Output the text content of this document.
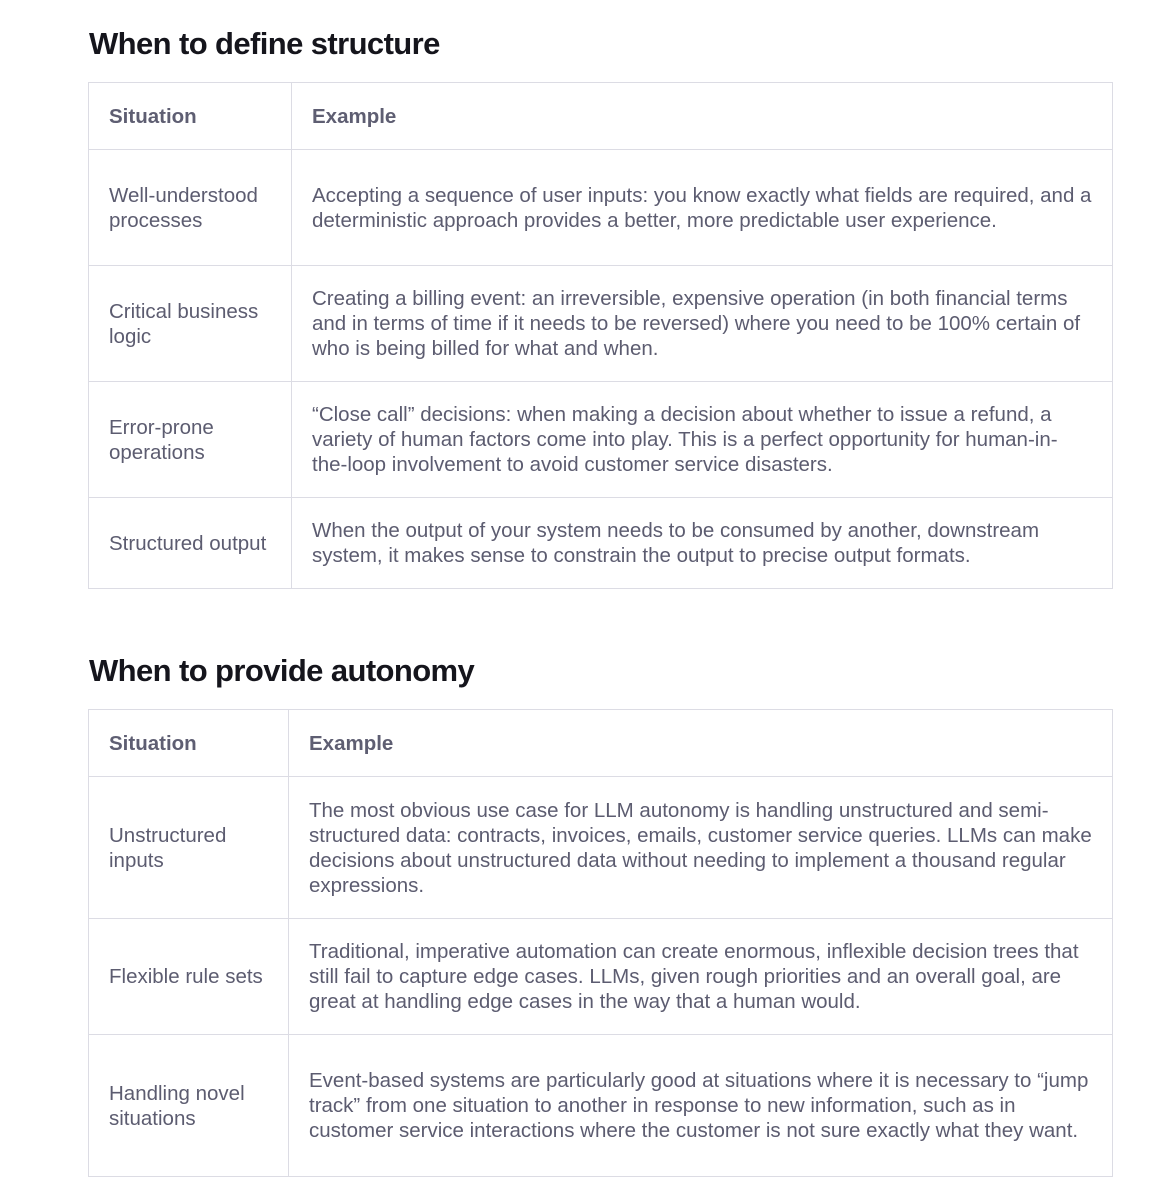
When to define structure
Situation	Example
Well-understood processes	Accepting a sequence of user inputs: you know exactly what fields are required, and a deterministic approach provides a better, more predictable user experience.
Critical business logic	Creating a billing event: an irreversible, expensive operation (in both financial terms and in terms of time if it needs to be reversed) where you need to be 100% certain of who is being billed for what and when.
Error-prone operations	“Close call” decisions: when making a decision about whether to issue a refund, a variety of human factors come into play. This is a perfect opportunity for human-in-the-loop involvement to avoid customer service disasters.
Structured output	When the output of your system needs to be consumed by another, downstream system, it makes sense to constrain the output to precise output formats.
When to provide autonomy
Situation	Example
Unstructured inputs	The most obvious use case for LLM autonomy is handling unstructured and semi-structured data: contracts, invoices, emails, customer service queries. LLMs can make decisions about unstructured data without needing to implement a thousand regular expressions.
Flexible rule sets	Traditional, imperative automation can create enormous, inflexible decision trees that still fail to capture edge cases. LLMs, given rough priorities and an overall goal, are great at handling edge cases in the way that a human would.
Handling novel situations	Event-based systems are particularly good at situations where it is necessary to “jump track” from one situation to another in response to new information, such as in customer service interactions where the customer is not sure exactly what they want.
